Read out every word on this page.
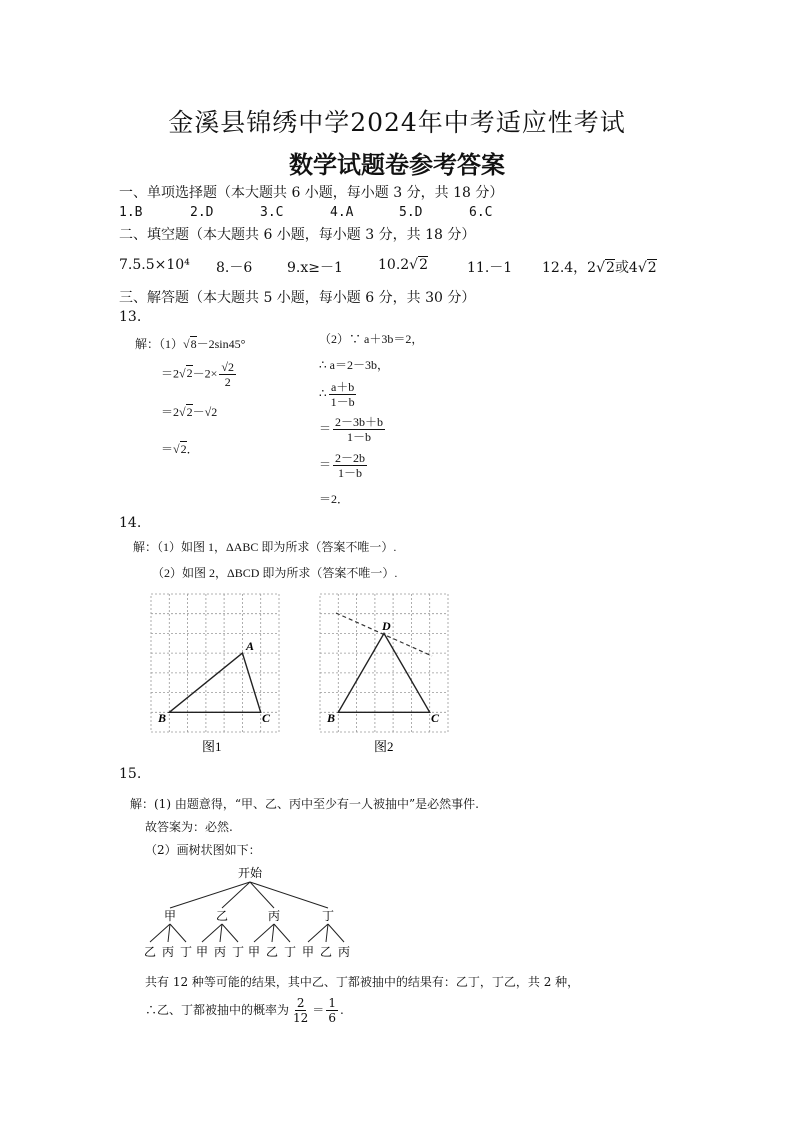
金溪县锦绣中学2024年中考适应性考试
数学试题卷参考答案
一、单项选择题（本大题共 6 小题，每小题 3 分，共 18 分）
1.B	2.D	3.C	4.A	5.D	6.C
二、填空题（本大题共 6 小题，每小题 3 分，共 18 分）
7.5.5×10⁴ 8.－6 9.x≥－1	10.2√2	11.－1 12.4，2√2或4√2
三、解答题（本大题共 5 小题，每小题 6 分，共 30 分）
13.
解：（1）√8－2sin45°
$=2√2-2\times \frac{√2}{2}$
＝2√2－√2
＝√2．
（2）∵ a＋3b＝2，
∴ a＝2－3b，
∴ $\frac{a+b}{1-b}$
＝ $\frac{2-3b+b}{1-b}$
＝ $\frac{2-2b}{1-b}$
＝2．
14.
解：（1）如图 1，ΔABC 即为所求（答案不唯一）.
（2）如图 2，ΔBCD 即为所求（答案不唯一）.
A
B	C
图1
D
B	C
图2
15.
解：(1) 由题意得，“甲、乙、丙中至少有一人被抽中”是必然事件.
故答案为：必然.
（2）画树状图如下：
开始
甲
乙 丙 丁
乙
甲 丙 丁
丙
甲 乙 丁
丁
甲 乙 丙
共有 12 种等可能的结果，其中乙、丁都被抽中的结果有：乙丁，丁乙，共 2 种，
∴乙、丁都被抽中的概率为 $\frac{2}{12} = \frac{1}{6}$ .
